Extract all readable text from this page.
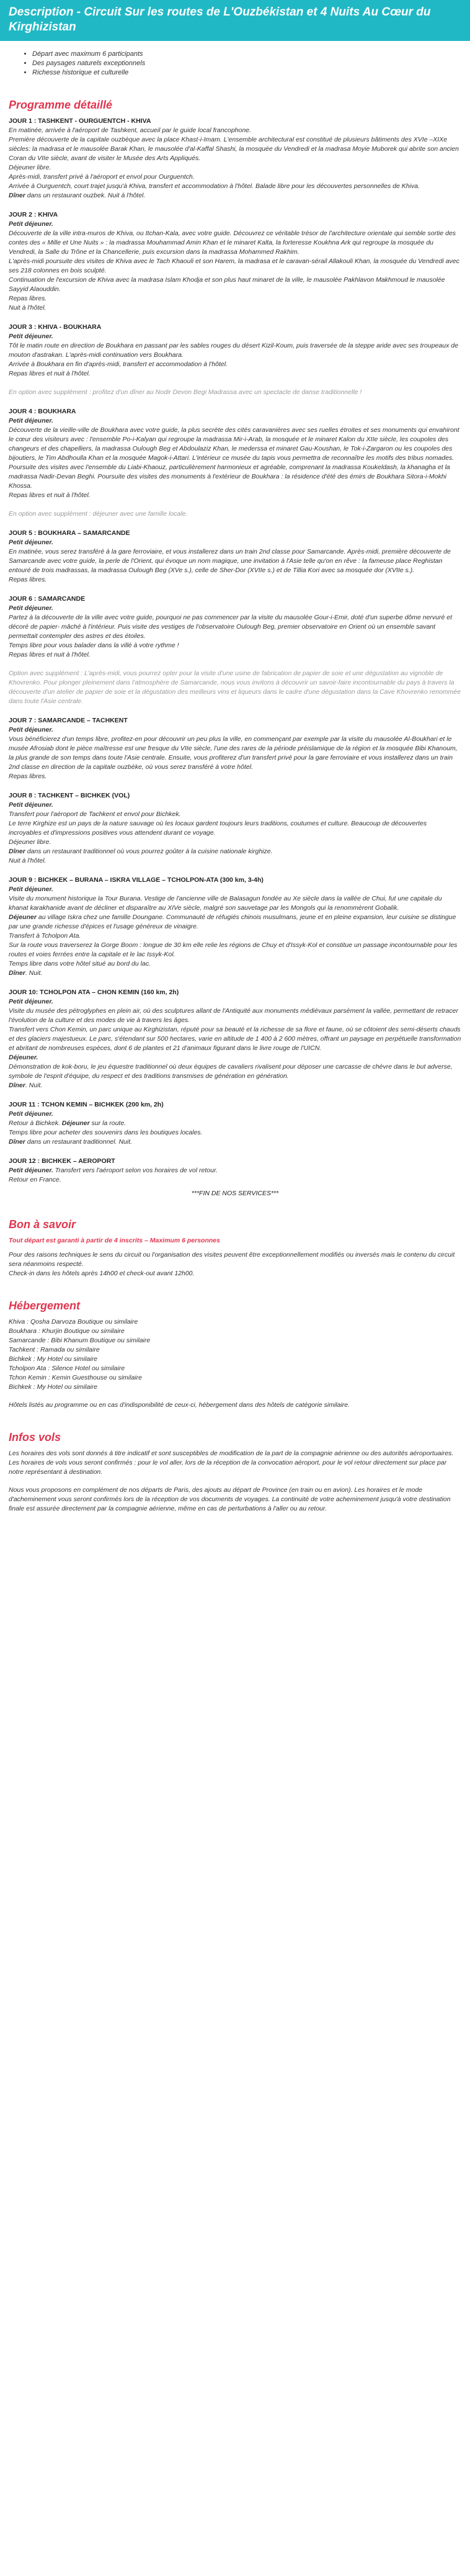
Description - Circuit Sur les routes de L'Ouzbékistan et 4 Nuits Au Cœur du Kirghizistan
• Départ avec maximum 6 participants
• Des paysages naturels exceptionnels
• Richesse historique et culturelle
Programme détaillé
JOUR 1 : TASHKENT - OURGUENTCH - KHIVA
En matinée, arrivée à l'aéroport de Tashkent, accueil par le guide local francophone.
Première découverte de la capitale ouzbèque avec la place Khast-i-Imam. L'ensemble architectural est constitué de plusieurs bâtiments des XVIe –XIXe siècles: la madrasa et le mausolée Barak Khan, le mausolée d'al-Kaffal Shashi, la mosquée du Vendredi et la madrasa Moyie Muborek qui abrite son ancien Coran du VIIe siècle, avant de visiter le Musée des Arts Appliqués.
Déjeuner libre.
Après-midi, transfert privé à l'aéroport et envol pour Ourguentch.
Arrivée à Ourguentch, court trajet jusqu'à Khiva, transfert et accommodation à l'hôtel. Balade libre pour les découvertes personnelles de Khiva.
Dîner dans un restaurant ouzbek. Nuit à l'hôtel.
JOUR 2 : KHIVA
Petit déjeuner.
Découverte de la ville intra-muros de Khiva, ou Itchan-Kala, avec votre guide. Découvrez ce véritable trésor de l'architecture orientale qui semble sortie des contes des « Mille et Une Nuits » : la madrassa Mouhammad Amin Khan et le minaret Kalta, la forteresse Koukhna Ark qui regroupe la mosquée du Vendredi, la Salle du Trône et la Chancellerie, puis excursion dans la madrassa Mohammed Rakhim.
L'après-midi poursuite des visites de Khiva avec le Tach Khaouli et son Harem, la madrasa et le caravan-sérail Allakouli Khan, la mosquée du Vendredi avec ses 218 colonnes en bois sculpté.
Continuation de l'excursion de Khiva avec la madrasa Islam Khodja et son plus haut minaret de la ville, le mausolée Pakhlavon Makhmoud le mausolée Sayyid Alaouddin.
Repas libres.
Nuit à l'hôtel.
JOUR 3 : KHIVA - BOUKHARA
Petit déjeuner.
Tôt le matin route en direction de Boukhara en passant par les sables rouges du désert Kizil-Koum, puis traversée de la steppe aride avec ses troupeaux de mouton d'astrakan. L'après-midi continuation vers Boukhara.
Arrivée à Boukhara en fin d'après-midi, transfert et accommodation à l'hôtel.
Repas libres et nuit à l'hôtel.

En option avec supplément : profitez d'un dîner au Nodir Devon Begi Madrassa avec un spectacle de danse traditionnelle !
JOUR 4 : BOUKHARA
Petit déjeuner.
Découverte de la vieille-ville de Boukhara avec votre guide, la plus secrète des cités caravanières avec ses ruelles étroites et ses monuments qui envahiront le cœur des visiteurs avec : l'ensemble Po-i-Kalyan qui regroupe la madrassa Mir-i-Arab, la mosquée et le minaret Kalon du XIIe siècle, les coupoles des changeurs et des chapelliers, la madrassa Oulough Beg et Abdoulaziz Khan, le mederssa et minaret Gau-Koushan, le Tok-i-Zargaron ou les coupoles des bijoutiers, le Tim Abdhoulla Khan et la mosquée Magok-i-Attari. L'intérieur ce musée du tapis vous permettra de reconnaître les motifs des tribus nomades.
Poursuite des visites avec l'ensemble du Liabi-Khaouz, particulièrement harmonieux et agréable, comprenant la madrassa Koukeldash, la khanagha et la madrassa Nadir-Devan Beghi. Poursuite des visites des monuments à l'extérieur de Boukhara : la résidence d'été des émirs de Boukhara Sitora-i-Mokhi Khossa.
Repas libres et nuit à l'hôtel.

En option avec supplément : déjeuner avec une famille locale.
JOUR 5 : BOUKHARA – SAMARCANDE
Petit déjeuner.
En matinée, vous serez transféré à la gare ferroviaire, et vous installerez dans un train 2nd classe pour Samarcande. Après-midi, première découverte de Samarcande avec votre guide, la perle de l'Orient, qui évoque un nom magique, une invitation à l'Asie telle qu'on en rêve : la fameuse place Reghistan entouré de trois madrassas, la madrassa Oulough Beg (XVe s.), celle de Sher-Dor (XVIIe s.) et de Tillia Kori avec sa mosquée dor (XVIIe s.).
Repas libres.
JOUR 6 : SAMARCANDE
Petit déjeuner.
Partez à la découverte de la ville avec votre guide, pourquoi ne pas commencer par la visite du mausolée Gour-i-Emir, doté d'un superbe dôme nervuré et décoré de papier- mâché à l'intérieur. Puis visite des vestiges de l'observatoire Oulough Beg, premier observatoire en Orient où un ensemble savant permettait contempler des astres et des étoiles.
Temps libre pour vous balader dans la villé à votre rythme !
Repas libres et nuit à l'hôtel.

Option avec supplément : L'après-midi, vous pourrez opter pour la visite d'une usine de fabrication de papier de soie et une dégustation au vignoble de Khovrenko. Pour plonger pleinement dans l'atmosphère de Samarcande, nous vous invitons à découvrir un savoir-faire incontournable du pays à travers la découverte d'un atelier de papier de soie et la dégustation des meilleurs vins et liqueurs dans le cadre d'une dégustation dans la Cave Khovrenko renommée dans toute l'Asie centrale.
JOUR 7 : SAMARCANDE – TACHKENT
Petit déjeuner.
Vous bénéficierez d'un temps libre, profitez-en pour découvrir un peu plus la ville, en commençant par exemple par la visite du mausolée Al-Boukhari et le musée Afrosiab dont le pièce maîtresse est une fresque du VIIe siècle, l'une des rares de la période préislamique de la région et la mosquée Bibi Khanoum, la plus grande de son temps dans toute l'Asie centrale. Ensuite, vous profiterez d'un transfert privé pour la gare ferroviaire et vous installerez dans un train 2nd classe en direction de la capitale ouzbèke, où vous serez transféré à votre hôtel.
Repas libres.
JOUR 8 : TACHKENT – BICHKEK (VOL)
Petit déjeuner.
Transfert pour l'aéroport de Tachkent et envol pour Bichkek.
Le terre Kirghize est un pays de la nature sauvage où les locaux gardent toujours leurs traditions, coutumes et culture. Beaucoup de découvertes incroyables et d'impressions positives vous attendent durant ce voyage.
Déjeuner libre.
Dîner dans un restaurant traditionnel où vous pourrez goûter à la cuisine nationale kirghize.
Nuit à l'hôtel.
JOUR 9 : BICHKEK – BURANA – ISKRA VILLAGE – TCHOLPON-ATA (300 km, 3-4h)
Petit déjeuner.
Visite du monument historique la Tour Burana. Vestige de l'ancienne ville de Balasagun fondée au Xe siècle dans la vallée de Chui, fut une capitale du khanat karakhanide avant de décliner et disparaître au XIVe siècle, malgré son sauvetage par les Mongols qui la renommèrent Gobalik.
Déjeuner au village Iskra chez une famille Doungane. Communauté de réfugiés chinois musulmans, jeune et en pleine expansion, leur cuisine se distingue par une grande richesse d'épices et l'usage généreux de vinaigre.
Transfert à Tcholpon Ata.
Sur la route vous traverserez la Gorge Boom : longue de 30 km elle relie les régions de Chuy et d'Issyk-Kol et constitue un passage incontournable pour les routes et voies ferrées entre la capitale et le lac Issyk-Kol.
Temps libre dans votre hôtel situé au bord du lac.
Dîner. Nuit.
JOUR 10: TCHOLPON ATA – CHON KEMIN (160 km, 2h)
Petit déjeuner.
Visite du musée des pétroglyphes en plein air, où des sculptures allant de l'Antiquité aux monuments médiévaux parsèment la vallée, permettant de retracer l'évolution de la culture et des modes de vie à travers les âges.
Transfert vers Chon Kemin, un parc unique au Kirghizistan, réputé pour sa beauté et la richesse de sa flore et faune, où se côtoient des semi-déserts chauds et des glaciers majestueux. Le parc, s'étendant sur 500 hectares, varie en altitude de 1 400 à 2 600 mètres, offrant un paysage en perpétuelle transformation et abritant de nombreuses espèces, dont 6 de plantes et 21 d'animaux figurant dans le livre rouge de l'UICN.
Déjeuner.
Démonstration de kok-boru, le jeu équestre traditionnel où deux équipes de cavaliers rivalisent pour déposer une carcasse de chèvre dans le but adverse, symbole de l'esprit d'équipe, du respect et des traditions transmises de génération en génération.
Dîner. Nuit.
JOUR 11 : TCHON KEMIN – BICHKEK (200 km, 2h)
Petit déjeuner.
Retour à Bichkek. Déjeuner sur la route.
Temps libre pour acheter des souvenirs dans les boutiques locales.
Dîner dans un restaurant traditionnel. Nuit.
JOUR 12 : BICHKEK – AEROPORT
Petit déjeuner. Transfert vers l'aéroport selon vos horaires de vol retour.
Retour en France.
***FIN DE NOS SERVICES***
Bon à savoir

Tout départ est garanti à partir de 4 inscrits – Maximum 6 personnes

Pour des raisons techniques le sens du circuit ou l'organisation des visites peuvent être exceptionnellement modifiés ou inversés mais le contenu du circuit sera néanmoins respecté.

Check-in dans les hôtels après 14h00 et check-out avant 12h00.

Hébergement
Khiva : Qosha Darvoza Boutique ou similaire
Boukhara : Khurjin Boutique ou similaire
Samarcande : Bibi Khanum Boutique ou similaire
Tachkent : Ramada ou similaire
Bichkek : My Hotel ou similaire
Tcholpon Ata : Silence Hotel ou similaire
Tchon Kemin : Kemin Guesthouse ou similaire
Bichkek : My Hotel ou similaire

Hôtels listés au programme ou en cas d'indisponibilité de ceux-ci, hébergement dans des hôtels de catégorie similaire.

Infos vols

Les horaires des vols sont donnés à titre indicatif et sont susceptibles de modification de la part de la compagnie aérienne ou des autorités aéroportuaires. Les horaires de vols vous seront confirmés : pour le vol aller, lors de la réception de la convocation aéroport, pour le vol retour directement sur place par notre représentant à destination.

Nous vous proposons en complément de nos départs de Paris, des ajouts au départ de Province (en train ou en avion). Les horaires et le mode d'acheminement vous seront confirmés lors de la réception de vos documents de voyages. La continuité de votre acheminement jusqu'à votre destination finale est assurée directement par la compagnie aérienne, même en cas de perturbations à l'aller ou au retour.
